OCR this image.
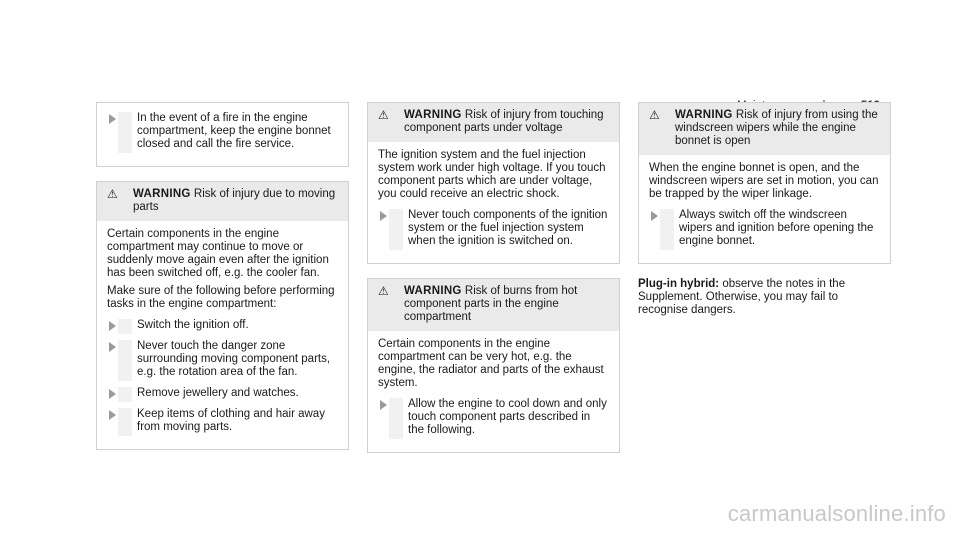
In the event of a fire in the engine compartment, keep the engine bonnet closed and call the fire service.
⚠	WARNING Risk of injury due to moving parts

Certain components in the engine compartment may continue to move or suddenly move again even after the ignition has been switched off, e.g. the cooler fan.

Make sure of the following before performing tasks in the engine compartment:

Switch the ignition off.
Never touch the danger zone surrounding moving component parts, e.g. the rotation area of the fan.
Remove jewellery and watches.
Keep items of clothing and hair away from moving parts.
⚠	WARNING Risk of injury from touching component parts under voltage

The ignition system and the fuel injection system work under high voltage. If you touch component parts which are under voltage, you could receive an electric shock.

Never touch components of the ignition system or the fuel injection system when the ignition is switched on.
⚠	WARNING Risk of burns from hot component parts in the engine compartment

Certain components in the engine compartment can be very hot, e.g. the engine, the radiator and parts of the exhaust system.

Allow the engine to cool down and only touch component parts described in the following.
⚠	WARNING Risk of injury from using the windscreen wipers while the engine bonnet is open

When the engine bonnet is open, and the windscreen wipers are set in motion, you can be trapped by the wiper linkage.

Always switch off the windscreen wipers and ignition before opening the engine bonnet.

Plug-in hybrid: observe the notes in the Supplement. Otherwise, you may fail to recognise dangers.

carmanualsonline.info
